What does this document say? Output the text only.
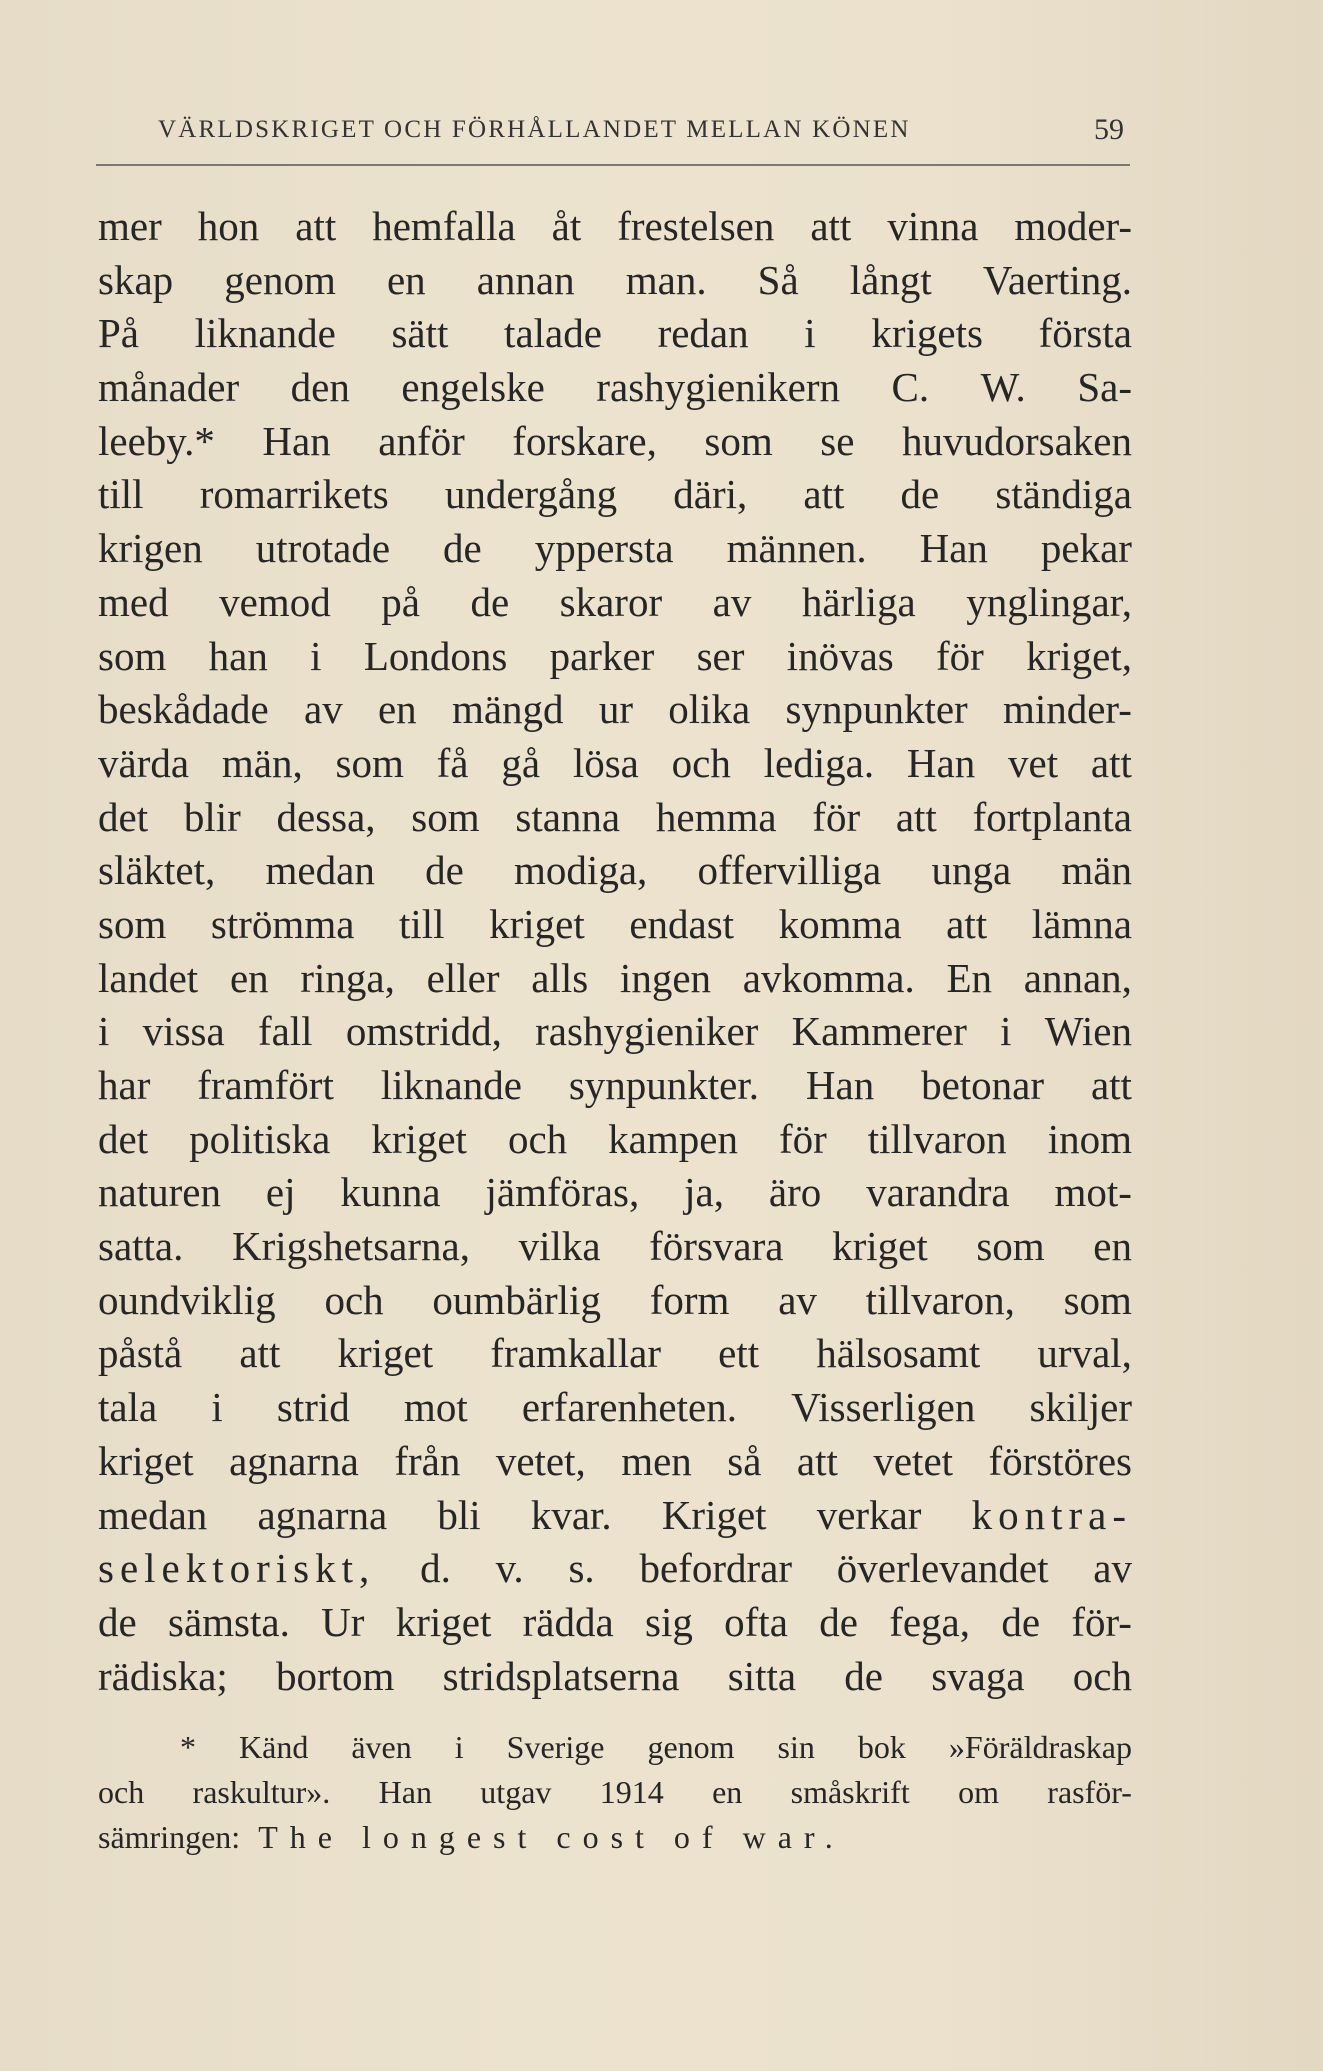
VÄRLDSKRIGET OCH FÖRHÅLLANDET MELLAN KÖNEN	59
mer hon att hemfalla åt frestelsen att vinna moder-
skap genom en annan man. Så långt Vaerting.
På liknande sätt talade redan i krigets första
månader den engelske rashygienikern C. W. Sa-
leeby.* Han anför forskare, som se huvudorsaken
till romarrikets undergång däri, att de ständiga
krigen utrotade de yppersta männen. Han pekar
med vemod på de skaror av härliga ynglingar,
som han i Londons parker ser inövas för kriget,
beskådade av en mängd ur olika synpunkter minder-
värda män, som få gå lösa och lediga. Han vet att
det blir dessa, som stanna hemma för att fortplanta
släktet, medan de modiga, offervilliga unga män
som strömma till kriget endast komma att lämna
landet en ringa, eller alls ingen avkomma. En annan,
i vissa fall omstridd, rashygieniker Kammerer i Wien
har framfört liknande synpunkter. Han betonar att
det politiska kriget och kampen för tillvaron inom
naturen ej kunna jämföras, ja, äro varandra mot-
satta. Krigshetsarna, vilka försvara kriget som en
oundviklig och oumbärlig form av tillvaron, som
påstå att kriget framkallar ett hälsosamt urval,
tala i strid mot erfarenheten. Visserligen skiljer
kriget agnarna från vetet, men så att vetet förstöres
medan agnarna bli kvar. Kriget verkar kontra-
selektoriskt, d. v. s. befordrar överlevandet av
de sämsta. Ur kriget rädda sig ofta de fega, de för-
rädiska; bortom stridsplatserna sitta de svaga och
* Känd även i Sverige genom sin bok »Föräldraskap
och raskultur». Han utgav 1914 en småskrift om rasför-
sämringen: The longest cost of war.
